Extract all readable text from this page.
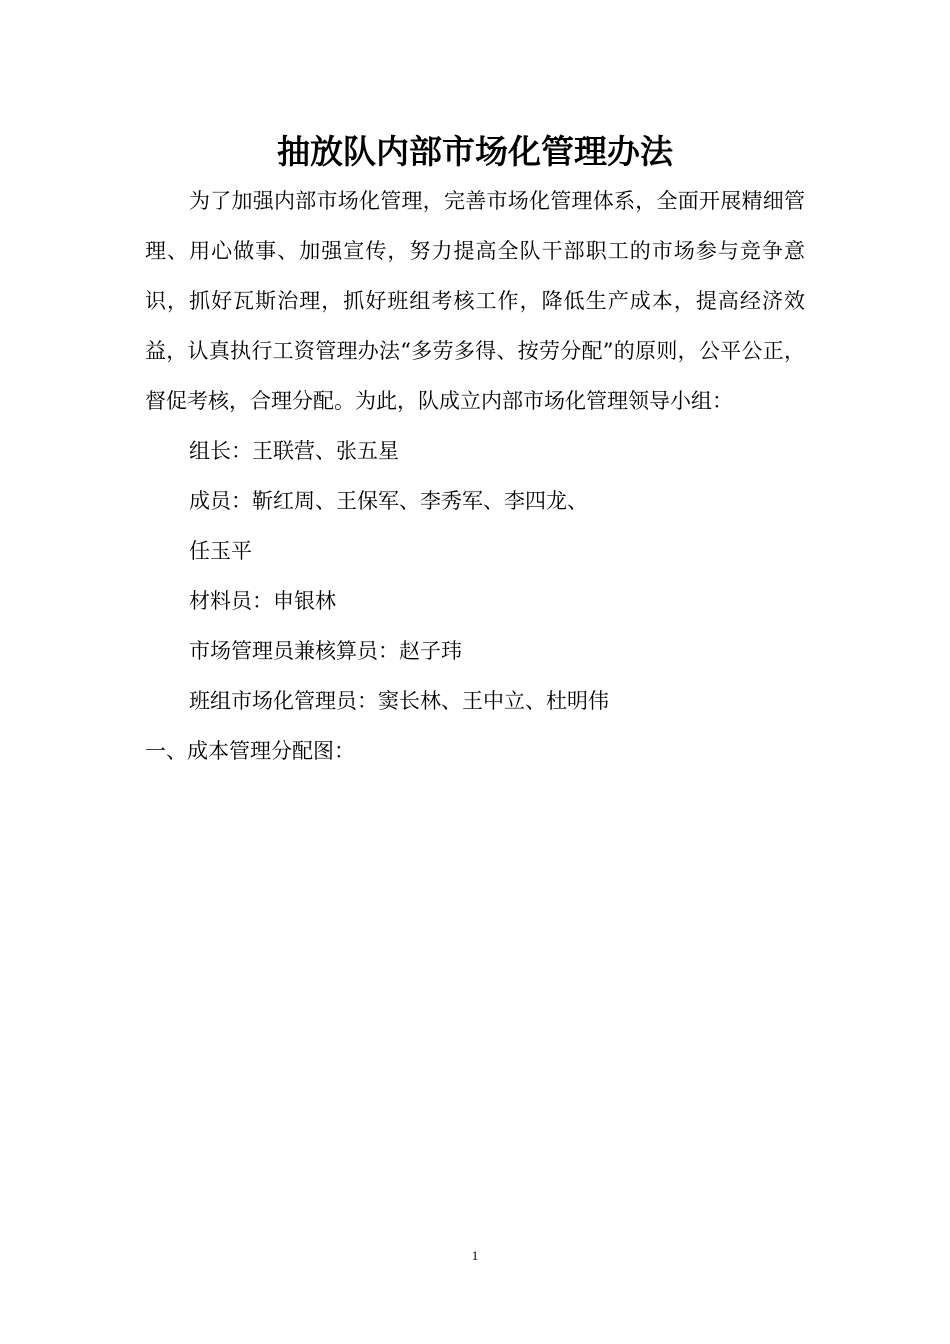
抽放队内部市场化管理办法

为了加强内部市场化管理，完善市场化管理体系，全面开展精细管理、用心做事、加强宣传，努力提高全队干部职工的市场参与竞争意识，抓好瓦斯治理，抓好班组考核工作，降低生产成本，提高经济效益，认真执行工资管理办法“多劳多得、按劳分配”的原则，公平公正，督促考核，合理分配。为此，队成立内部市场化管理领导小组：

组长：王联营、张五星

成员：靳红周、王保军、李秀军、李四龙、

任玉平

材料员：申银林

市场管理员兼核算员：赵子玮

班组市场化管理员：窦长林、王中立、杜明伟

一、成本管理分配图：

1
